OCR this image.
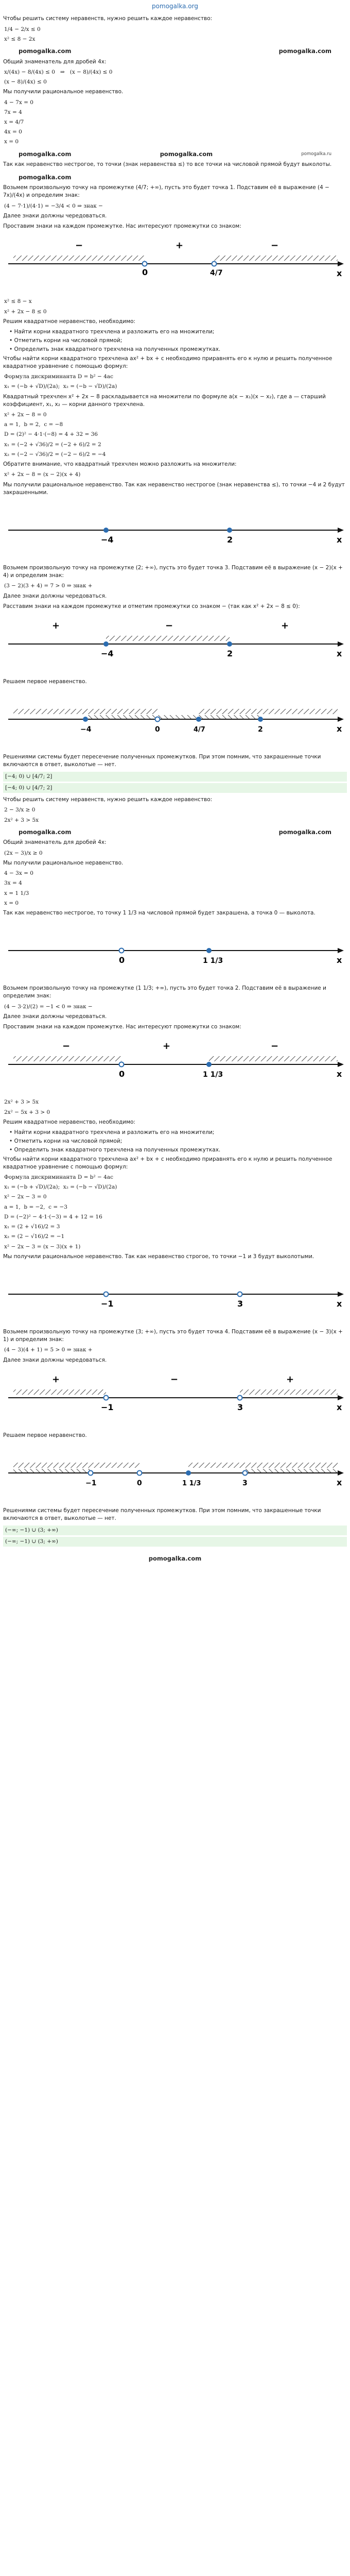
pomogalka.org

Чтобы решить систему неравенств, нужно решить каждое неравенство:

1/4 − 2/x ≤ 0
x² ≤ 8 − 2x
pomogalka.com	pomogalka.com

Общий знаменатель для дробей 4x:

x/(4x) − 8/(4x) ≤ 0   ⇒   (x − 8)/(4x) ≤ 0
(x − 8)/(4x) ≤ 0

Мы получили рациональное неравенство.

4 − 7x = 0
7x = 4
x = 4/7
4x = 0
x = 0
pomogalka.com	pomogalka.com	pomogalka.ru

Так как неравенство нестрогое, то точки (знак неравенства ≤) то все точки на числовой прямой будут выколоты.

pomogalka.com

Возьмем произвольную точку на промежутке (4/7; +∞), пусть это будет точка 1. Подставим её в выражение (4 − 7x)/(4x) и определим знак:

(4 − 7·1)/(4·1) = −3/4 < 0 ⇒ знак −

Далее знаки должны чередоваться.

Проставим знаки на каждом промежутке. Нас интересуют промежутки со знаком:

0	4/7	x
−	+	−
x² ≤ 8 − x
x² + 2x − 8 ≤ 0

Решим квадратное неравенство, необходимо:

• Найти корни квадратного трехчлена и разложить его на множители;
• Отметить корни на числовой прямой;
• Определить знак квадратного трехчлена на полученных промежутках.

Чтобы найти корни квадратного трехчлена ax² + bx + c необходимо приравнять его к нулю и решить полученное квадратное уравнение с помощью формул:

Формула дискриминанта D = b² − 4ac
x₁ = (−b + √D)/(2a);  x₂ = (−b − √D)/(2a)

Квадратный трехчлен x² + 2x − 8 раскладывается на множители по формуле a(x − x₁)(x − x₂), где a — старший коэффициент, x₁, x₂ — корни данного трехчлена.

x² + 2x − 8 = 0
a = 1,  b = 2,  c = −8
D = (2)² − 4·1·(−8) = 4 + 32 = 36
x₁ = (−2 + √36)/2 = (−2 + 6)/2 = 2
x₂ = (−2 − √36)/2 = (−2 − 6)/2 = −4

Обратите внимание, что квадратный трехчлен можно разложить на множители:

x² + 2x − 8 = (x − 2)(x + 4)

Мы получили рациональное неравенство. Так как неравенство нестрогое (знак неравенства ≤), то точки −4 и 2 будут закрашенными.

−4	2	x

Возьмем произвольную точку на промежутке (2; +∞), пусть это будет точка 3. Подставим её в выражение (x − 2)(x + 4) и определим знак:

(3 − 2)(3 + 4) = 7 > 0 ⇒ знак +

Далее знаки должны чередоваться.

Расставим знаки на каждом промежутке и отметим промежутки со знаком − (так как x² + 2x − 8 ≤ 0):

−4	2	x
+	−	+

Решаем первое неравенство.

−4	0	4/7	2	x

Решениями системы будет пересечение полученных промежутков. При этом помним, что закрашенные точки включаются в ответ, выколотые — нет.

[−4; 0) ∪ [4/7; 2]
[−4; 0) ∪ [4/7; 2]

Чтобы решить систему неравенств, нужно решить каждое неравенство:

2 − 3/x ≥ 0
2x² + 3 > 5x
pomogalka.com	pomogalka.com

Общий знаменатель для дробей 4x:

(2x − 3)/x ≥ 0

Мы получили рациональное неравенство.

4 − 3x = 0
3x = 4
x = 1 1/3
x = 0

Так как неравенство нестрогое, то точку 1 1/3 на числовой прямой будет закрашена, а точка 0 — выколота.

0	1 1/3	x

Возьмем произвольную точку на промежутке (1 1/3; +∞), пусть это будет точка 2. Подставим её в выражение и определим знак:

(4 − 3·2)/(2) = −1 < 0 ⇒ знак −

Далее знаки должны чередоваться.

Проставим знаки на каждом промежутке. Нас интересуют промежутки со знаком:

0	1 1/3	x
−	+	−
2x² + 3 > 5x
2x² − 5x + 3 > 0

Решим квадратное неравенство, необходимо:

• Найти корни квадратного трехчлена и разложить его на множители;
• Отметить корни на числовой прямой;
• Определить знак квадратного трехчлена на полученных промежутках.

Чтобы найти корни квадратного трехчлена ax² + bx + c необходимо приравнять его к нулю и решить полученное квадратное уравнение с помощью формул:

Формула дискриминанта D = b² − 4ac
x₁ = (−b + √D)/(2a);  x₂ = (−b − √D)/(2a)
x² − 2x − 3 = 0
a = 1,  b = −2,  c = −3
D = (−2)² − 4·1·(−3) = 4 + 12 = 16
x₁ = (2 + √16)/2 = 3
x₂ = (2 − √16)/2 = −1
x² − 2x − 3 = (x − 3)(x + 1)

Мы получили рациональное неравенство. Так как неравенство строгое, то точки −1 и 3 будут выколотыми.

−1	3	x

Возьмем произвольную точку на промежутке (3; +∞), пусть это будет точка 4. Подставим её в выражение (x − 3)(x + 1) и определим знак:

(4 − 3)(4 + 1) = 5 > 0 ⇒ знак +

Далее знаки должны чередоваться.

−1	3	x
+	−	+

Решаем первое неравенство.

−1	0	1 1/3	3	x

Решениями системы будет пересечение полученных промежутков. При этом помним, что закрашенные точки включаются в ответ, выколотые — нет.

(−∞; −1) ∪ (3; +∞)
(−∞; −1) ∪ (3; +∞)
pomogalka.com
